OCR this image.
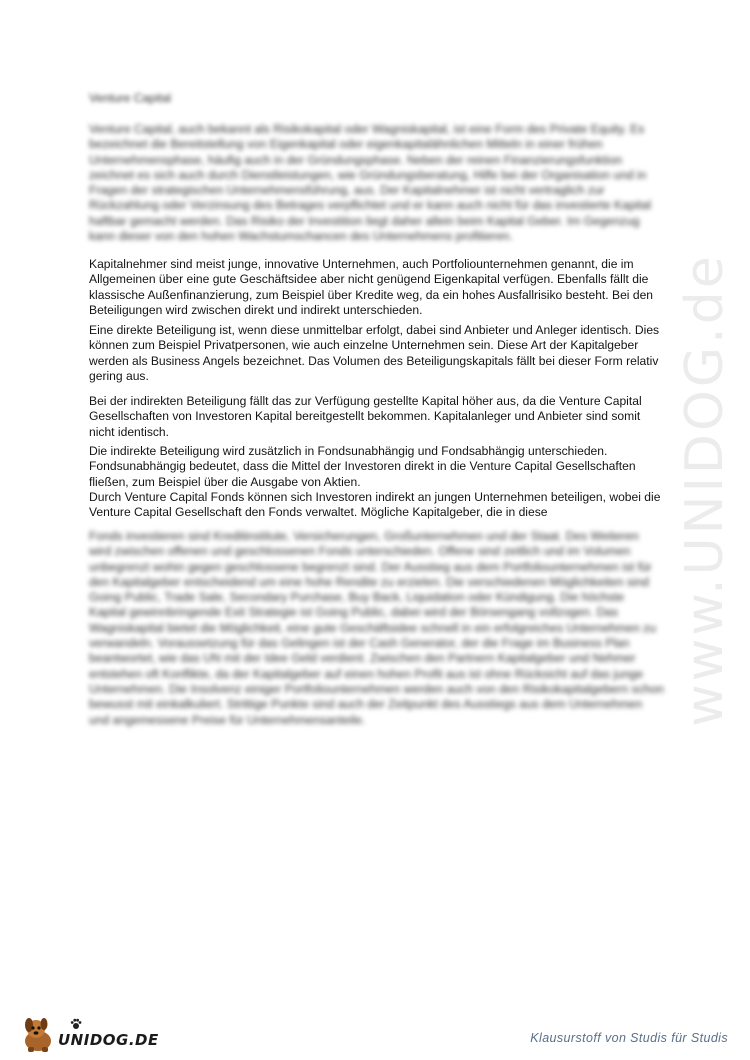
www.UNIDOG.de
Venture Capital

Venture Capital, auch bekannt als Risikokapital oder Wagniskapital, ist eine Form des Private Equity. Es bezeichnet die Bereitstellung von Eigenkapital oder eigenkapitalähnlichen Mitteln in einer frühen Unternehmensphase, häufig auch in der Gründungsphase. Neben der reinen Finanzierungsfunktion zeichnet es sich auch durch Dienstleistungen, wie Gründungsberatung, Hilfe bei der Organisation und in Fragen der strategischen Unternehmensführung, aus. Der Kapitalnehmer ist nicht vertraglich zur Rückzahlung oder Verzinsung des Betrages verpflichtet und er kann auch nicht für das investierte Kapital haftbar gemacht werden. Das Risiko der Investition liegt daher allein beim Kapital Geber. Im Gegenzug kann dieser von den hohen Wachstumschancen des Unternehmens profitieren.

Kapitalnehmer sind meist junge, innovative Unternehmen, auch Portfoliounternehmen genannt, die im Allgemeinen über eine gute Geschäftsidee aber nicht genügend Eigenkapital verfügen. Ebenfalls fällt die klassische Außenfinanzierung, zum Beispiel über Kredite weg, da ein hohes Ausfallrisiko besteht. Bei den Beteiligungen wird zwischen direkt und indirekt unterschieden.

Eine direkte Beteiligung ist, wenn diese unmittelbar erfolgt, dabei sind Anbieter und Anleger identisch. Dies können zum Beispiel Privatpersonen, wie auch einzelne Unternehmen sein. Diese Art der Kapitalgeber werden als Business Angels bezeichnet. Das Volumen des Beteiligungskapitals fällt bei dieser Form relativ gering aus.

Bei der indirekten Beteiligung fällt das zur Verfügung gestellte Kapital höher aus, da die Venture Capital Gesellschaften von Investoren Kapital bereitgestellt bekommen. Kapitalanleger und Anbieter sind somit nicht identisch.

Die indirekte Beteiligung wird zusätzlich in Fondsunabhängig und Fondsabhängig unterschieden. Fondsunabhängig bedeutet, dass die Mittel der Investoren direkt in die Venture Capital Gesellschaften fließen, zum Beispiel über die Ausgabe von Aktien.

Durch Venture Capital Fonds können sich Investoren indirekt an jungen Unternehmen beteiligen, wobei die Venture Capital Gesellschaft den Fonds verwaltet. Mögliche Kapitalgeber, die in diese

Fonds investieren sind Kreditinstitute, Versicherungen, Großunternehmen und der Staat. Des Weiteren wird zwischen offenen und geschlossenen Fonds unterschieden. Offene sind zeitlich und im Volumen unbegrenzt wohin gegen geschlossene begrenzt sind. Der Ausstieg aus dem Portfoliounternehmen ist für den Kapitalgeber entscheidend um eine hohe Rendite zu erzielen. Die verschiedenen Möglichkeiten sind Going Public, Trade Sale, Secondary Purchase, Buy Back, Liquidation oder Kündigung. Die höchste Kapital gewinnbringende Exit Strategie ist Going Public, dabei wird der Börsengang vollzogen. Das Wagniskapital bietet die Möglichkeit, eine gute Geschäftsidee schnell in ein erfolgreiches Unternehmen zu verwandeln. Voraussetzung für das Gelingen ist der Cash Generator, der die Frage im Business Plan beantwortet, wie das UN mit der Idee Geld verdient. Zwischen den Partnern Kapitalgeber und Nehmer entstehen oft Konflikte, da der Kapitalgeber auf einen hohen Profit aus ist ohne Rücksicht auf das junge Unternehmen. Die Insolvenz einiger Portfoliounternehmen werden auch von den Risikokapitalgebern schon bewusst mit einkalkuliert. Strittige Punkte sind auch der Zeitpunkt des Ausstiegs aus dem Unternehmen und angemessene Preise für Unternehmensanteile.

UNIDOG.DE	Klausurstoff von Studis für Studis
